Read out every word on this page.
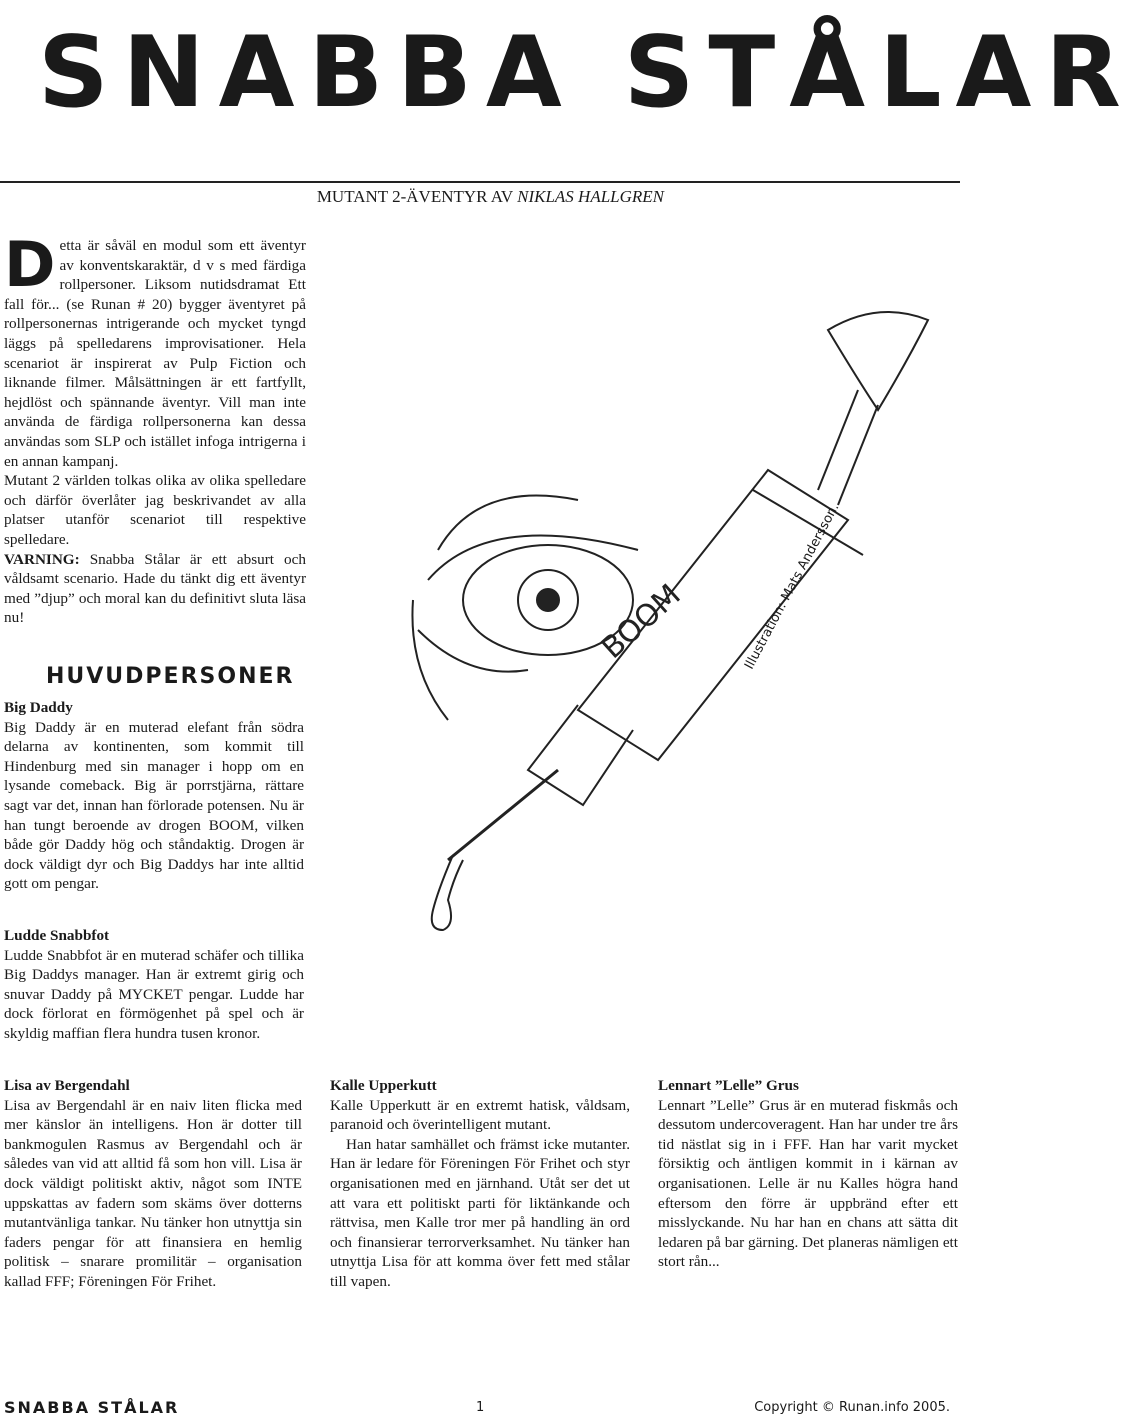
SNABBA STÅLAR
MUTANT 2-ÄVENTYR AV NIKLAS HALLGREN

Detta är såväl en modul som ett äventyr av konventskaraktär, d v s med färdiga rollpersoner. Liksom nutidsdramat Ett fall för... (se Runan # 20) bygger äventyret på rollpersonernas intrigerande och mycket tyngd läggs på spelledarens improvisationer. Hela scenariot är inspirerat av Pulp Fiction och liknande filmer. Målsättningen är ett fartfyllt, hejdlöst och spännande äventyr. Vill man inte använda de färdiga rollpersonerna kan dessa användas som SLP och istället infoga intrigerna i en annan kampanj.

Mutant 2 världen tolkas olika av olika spelledare och därför överlåter jag beskrivandet av alla platser utanför scenariot till respektive spelledare.

VARNING: Snabba Stålar är ett absurt och våldsamt scenario. Hade du tänkt dig ett äventyr med ”djup” och moral kan du definitivt sluta läsa nu!

HUVUDPERSONER

Big Daddy

Big Daddy är en muterad elefant från södra delarna av kontinenten, som kommit till Hindenburg med sin manager i hopp om en lysande comeback. Big är porrstjärna, rättare sagt var det, innan han förlorade potensen. Nu är han tungt beroende av drogen BOOM, vilken både gör Daddy hög och ståndaktig. Drogen är dock väldigt dyr och Big Daddys har inte alltid gott om pengar.

Ludde Snabbfot

Ludde Snabbfot är en muterad schäfer och tillika Big Daddys manager. Han är extremt girig och snuvar Daddy på MYCKET pengar. Ludde har dock förlorat en förmögenhet på spel och är skyldig maffian flera hundra tusen kronor.

Lisa av Bergendahl

Lisa av Bergendahl är en naiv liten flicka med mer känslor än intelligens. Hon är dotter till bankmogulen Rasmus av Bergendahl och är således van vid att alltid få som hon vill. Lisa är dock väldigt politiskt aktiv, något som INTE uppskattas av fadern som skäms över dotterns mutantvänliga tankar. Nu tänker hon utnyttja sin faders pengar för att finansiera en hemlig politisk – snarare promilitär – organisation kallad FFF; Föreningen För Frihet.

Kalle Upperkutt

Kalle Upperkutt är en extremt hatisk, våldsam, paranoid och överintelligent mutant.

Han hatar samhället och främst icke mutanter. Han är ledare för Föreningen För Frihet och styr organisationen med en järnhand. Utåt ser det ut att vara ett politiskt parti för liktänkande och rättvisa, men Kalle tror mer på handling än ord och finansierar terrorverksamhet. Nu tänker han utnyttja Lisa för att komma över fett med stålar till vapen.

Lennart ”Lelle” Grus

Lennart ”Lelle” Grus är en muterad fiskmås och dessutom undercoveragent. Han har under tre års tid nästlat sig in i FFF. Han har varit mycket försiktig och äntligen kommit in i kärnan av organisationen. Lelle är nu Kalles högra hand eftersom den förre är uppbränd efter ett misslyckande. Nu har han en chans att sätta dit ledaren på bar gärning. Det planeras nämligen ett stort rån...

BOOM	Illustration: Mats Andersson.
SNABBA STÅLAR	1	Copyright © Runan.info 2005.
